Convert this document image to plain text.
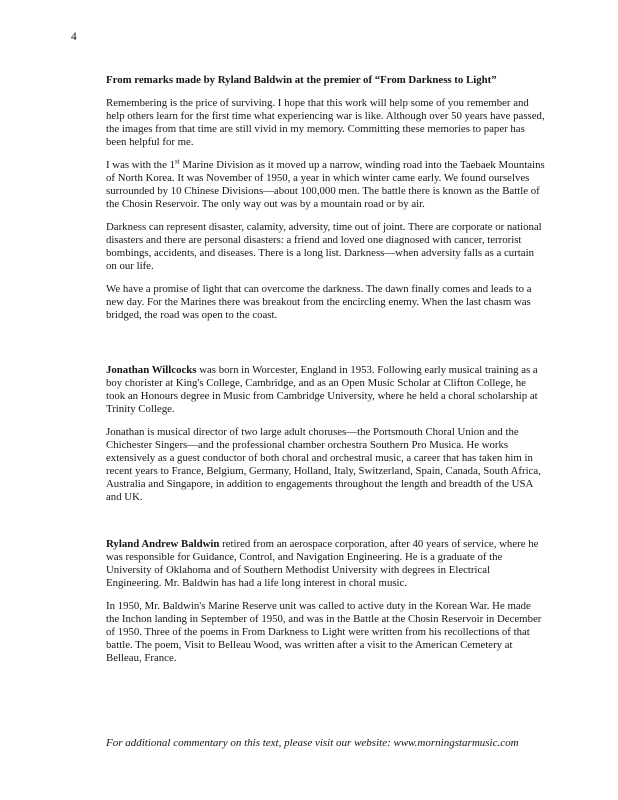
4

From remarks made by Ryland Baldwin at the premier of “From Darkness to Light”

Remembering is the price of surviving. I hope that this work will help some of you remember and help others learn for the first time what experiencing war is like. Although over 50 years have passed, the images from that time are still vivid in my memory. Committing these memories to paper has been helpful for me.

I was with the 1st Marine Division as it moved up a narrow, winding road into the Taebaek Mountains of North Korea. It was November of 1950, a year in which winter came early. We found ourselves surrounded by 10 Chinese Divisions—about 100,000 men. The battle there is known as the Battle of the Chosin Reservoir. The only way out was by a mountain road or by air.

Darkness can represent disaster, calamity, adversity, time out of joint. There are corporate or national disasters and there are personal disasters: a friend and loved one diagnosed with cancer, terrorist bombings, accidents, and diseases. There is a long list. Darkness—when adversity falls as a curtain on our life.

We have a promise of light that can overcome the darkness. The dawn finally comes and leads to a new day. For the Marines there was breakout from the encircling enemy. When the last chasm was bridged, the road was open to the coast.

Jonathan Willcocks was born in Worcester, England in 1953. Following early musical training as a boy chorister at King's College, Cambridge, and as an Open Music Scholar at Clifton College, he took an Honours degree in Music from Cambridge University, where he held a choral scholarship at Trinity College.

Jonathan is musical director of two large adult choruses—the Portsmouth Choral Union and the Chichester Singers—and the professional chamber orchestra Southern Pro Musica. He works extensively as a guest conductor of both choral and orchestral music, a career that has taken him in recent years to France, Belgium, Germany, Holland, Italy, Switzerland, Spain, Canada, South Africa, Australia and Singapore, in addition to engagements throughout the length and breadth of the USA and UK.

Ryland Andrew Baldwin retired from an aerospace corporation, after 40 years of service, where he was responsible for Guidance, Control, and Navigation Engineering. He is a graduate of the University of Oklahoma and of Southern Methodist University with degrees in Electrical Engineering. Mr. Baldwin has had a life long interest in choral music.

In 1950, Mr. Baldwin's Marine Reserve unit was called to active duty in the Korean War. He made the Inchon landing in September of 1950, and was in the Battle at the Chosin Reservoir in December of 1950. Three of the poems in From Darkness to Light were written from his recollections of that battle. The poem, Visit to Belleau Wood, was written after a visit to the American Cemetery at Belleau, France.

For additional commentary on this text, please visit our website: www.morningstarmusic.com
